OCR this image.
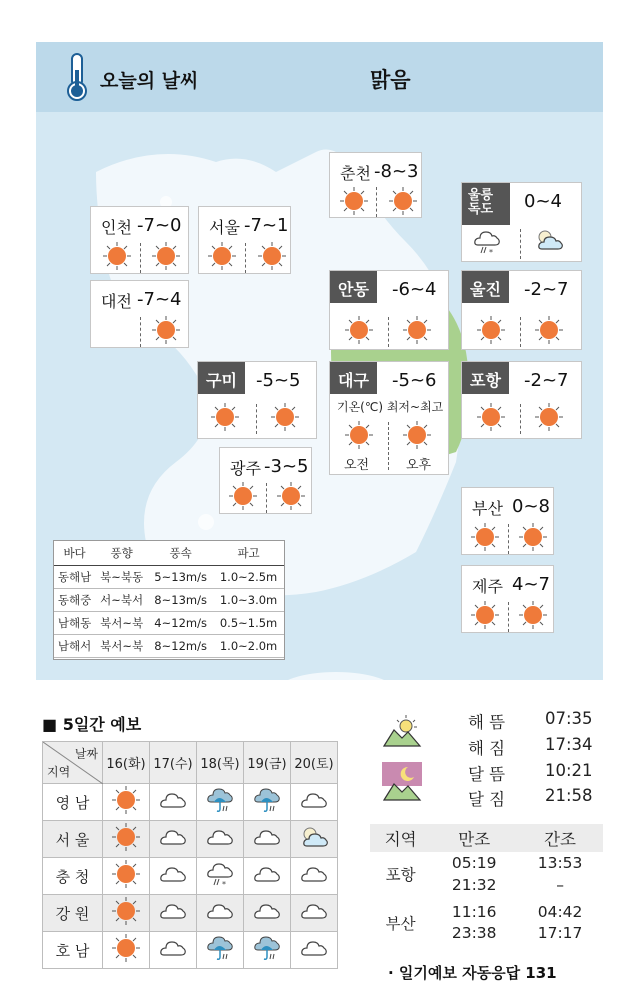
오늘의 날씨	맑음
춘천 -8~3
인천 -7~0 서울 -7~1
대전 -7~4
울릉
독도	0~4
안동	-6~4	울진	-2~7
구미	-5~5	대구	-5~6
기온(℃) 최저~최고
오전	오후
포항	-2~7
광주 -3~5
부산 0~8
제주 4~7
바다	풍향	풍속	파고
동해남	북~북동	5~13m/s	1.0~2.5m
동해중	서~북서	8~13m/s	1.0~3.0m
남해동	북서~북	4~12m/s	0.5~1.5m
남해서	북서~북	8~12m/s	1.0~2.0m
■ 5일간 예보
날짜
지역	16(화)	17(수)	18(목)	19(금)	20(토)
영 남					
서 울					
충 청					
강 원					
호 남					
해 뜸 07:35
해 짐 17:34
달 뜸 10:21
달 짐 21:58
지역	만조	간조
포항	05:19	13:53
	21:32	–
부산	11:16	04:42
	23:38	17:17
· 일기예보 자동응답 131
